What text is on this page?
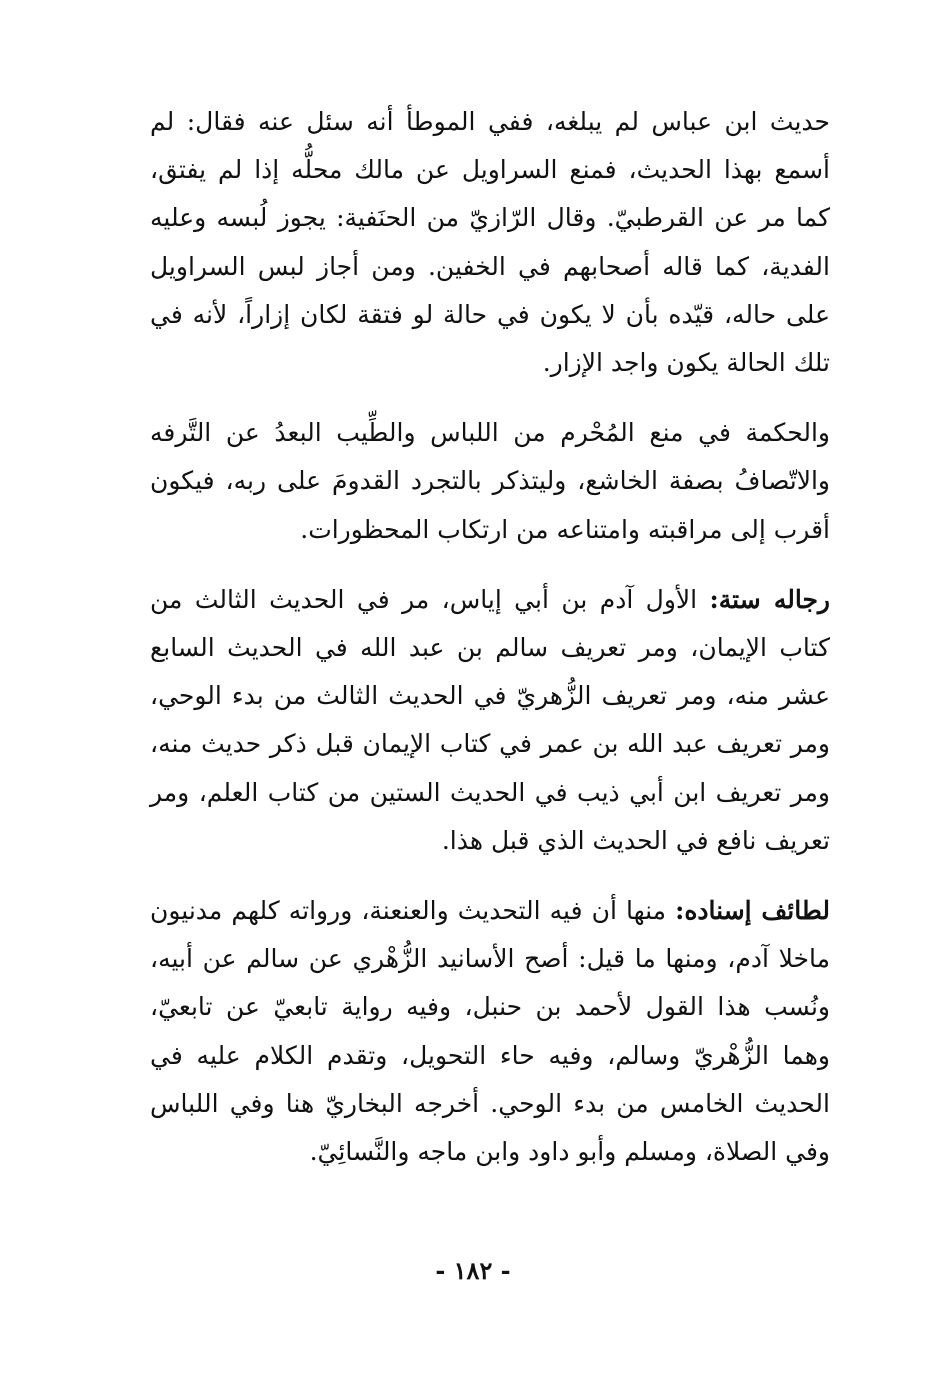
حديث ابن عباس لم يبلغه، ففي الموطأ أنه سئل عنه فقال: لم أسمع بهذا الحديث، فمنع السراويل عن مالك محلُّه إذا لم يفتق، كما مر عن القرطبيّ. وقال الرّازيّ من الحنَفية: يجوز لُبسه وعليه الفدية، كما قاله أصحابهم في الخفين. ومن أجاز لبس السراويل على حاله، قيّده بأن لا يكون في حالة لو فتقة لكان إزاراً، لأنه في تلك الحالة يكون واجد الإزار.

والحكمة في منع المُحْرم من اللباس والطِّيب البعدُ عن التَّرفه والاتّصافُ بصفة الخاشع، وليتذكر بالتجرد القدومَ على ربه، فيكون أقرب إلى مراقبته وامتناعه من ارتكاب المحظورات.

رجاله ستة: الأول آدم بن أبي إياس، مر في الحديث الثالث من كتاب الإيمان، ومر تعريف سالم بن عبد الله في الحديث السابع عشر منه، ومر تعريف الزُّهريّ في الحديث الثالث من بدء الوحي، ومر تعريف عبد الله بن عمر في كتاب الإيمان قبل ذكر حديث منه، ومر تعريف ابن أبي ذيب في الحديث الستين من كتاب العلم، ومر تعريف نافع في الحديث الذي قبل هذا.

لطائف إسناده: منها أن فيه التحديث والعنعنة، ورواته كلهم مدنيون ماخلا آدم، ومنها ما قيل: أصح الأسانيد الزُّهْري عن سالم عن أبيه، ونُسب هذا القول لأحمد بن حنبل، وفيه رواية تابعيّ عن تابعيّ، وهما الزُّهْريّ وسالم، وفيه حاء التحويل، وتقدم الكلام عليه في الحديث الخامس من بدء الوحي. أخرجه البخاريّ هنا وفي اللباس وفي الصلاة، ومسلم وأبو داود وابن ماجه والنَّسائِيّ.

- ١٨٢ -
